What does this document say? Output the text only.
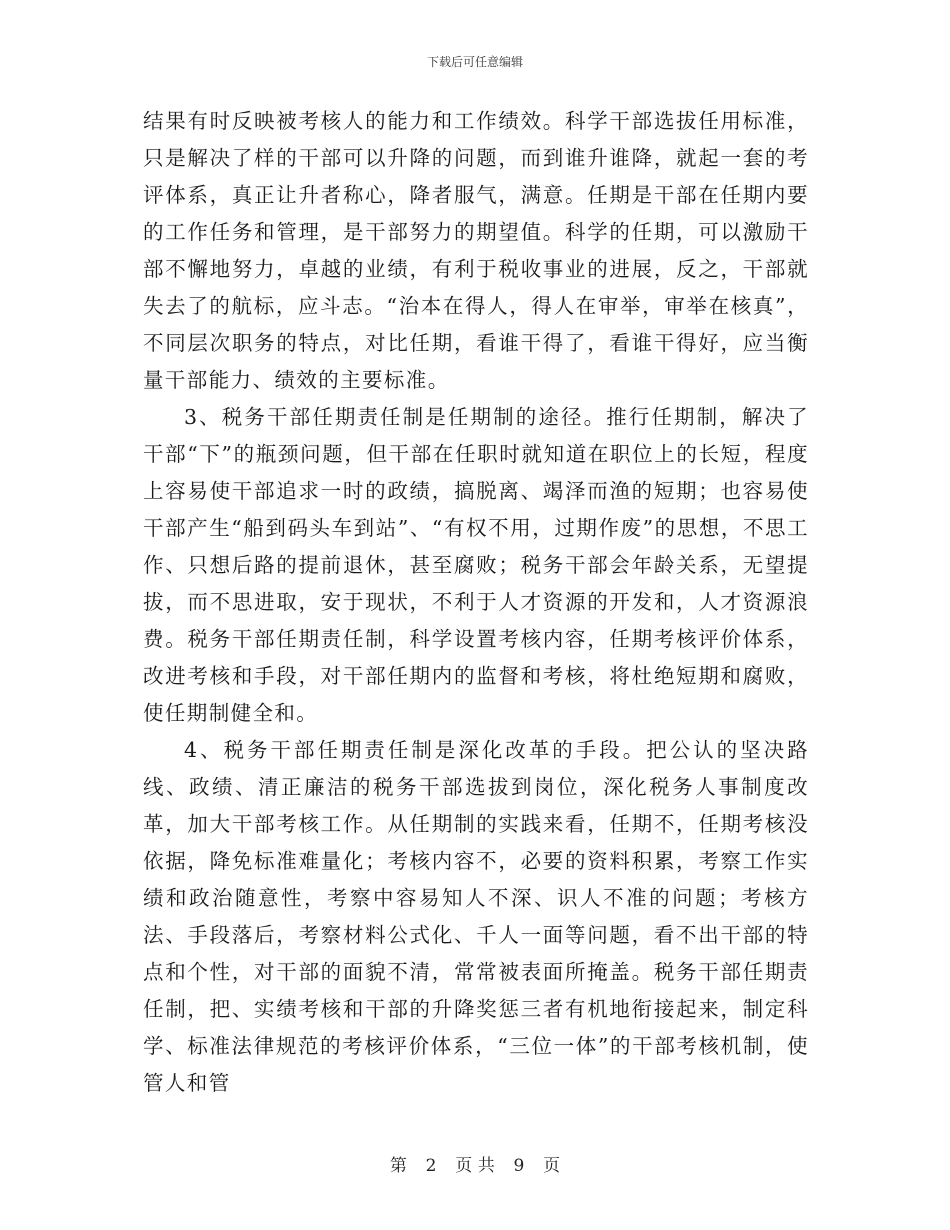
下载后可任意编辑

结果有时反映被考核人的能力和工作绩效。科学干部选拔任用标准，只是解决了样的干部可以升降的问题，而到谁升谁降，就起一套的考评体系，真正让升者称心，降者服气，满意。任期是干部在任期内要的工作任务和管理，是干部努力的期望值。科学的任期，可以激励干部不懈地努力，卓越的业绩，有利于税收事业的进展，反之，干部就失去了的航标，应斗志。“治本在得人，得人在审举，审举在核真”，不同层次职务的特点，对比任期，看谁干得了，看谁干得好，应当衡量干部能力、绩效的主要标准。

3、税务干部任期责任制是任期制的途径。推行任期制，解决了干部“下”的瓶颈问题，但干部在任职时就知道在职位上的长短，程度上容易使干部追求一时的政绩，搞脱离、竭泽而渔的短期；也容易使干部产生“船到码头车到站”、“有权不用，过期作废”的思想，不思工作、只想后路的提前退休，甚至腐败；税务干部会年龄关系，无望提拔，而不思进取，安于现状，不利于人才资源的开发和，人才资源浪费。税务干部任期责任制，科学设置考核内容，任期考核评价体系，改进考核和手段，对干部任期内的监督和考核，将杜绝短期和腐败，使任期制健全和。

4、税务干部任期责任制是深化改革的手段。把公认的坚决路线、政绩、清正廉洁的税务干部选拔到岗位，深化税务人事制度改革，加大干部考核工作。从任期制的实践来看，任期不，任期考核没依据，降免标准难量化；考核内容不，必要的资料积累，考察工作实绩和政治随意性，考察中容易知人不深、识人不准的问题；考核方法、手段落后，考察材料公式化、千人一面等问题，看不出干部的特点和个性，对干部的面貌不清，常常被表面所掩盖。税务干部任期责任制，把、实绩考核和干部的升降奖惩三者有机地衔接起来，制定科学、标准法律规范的考核评价体系，“三位一体”的干部考核机制，使管人和管

第 2 页 共 9 页
